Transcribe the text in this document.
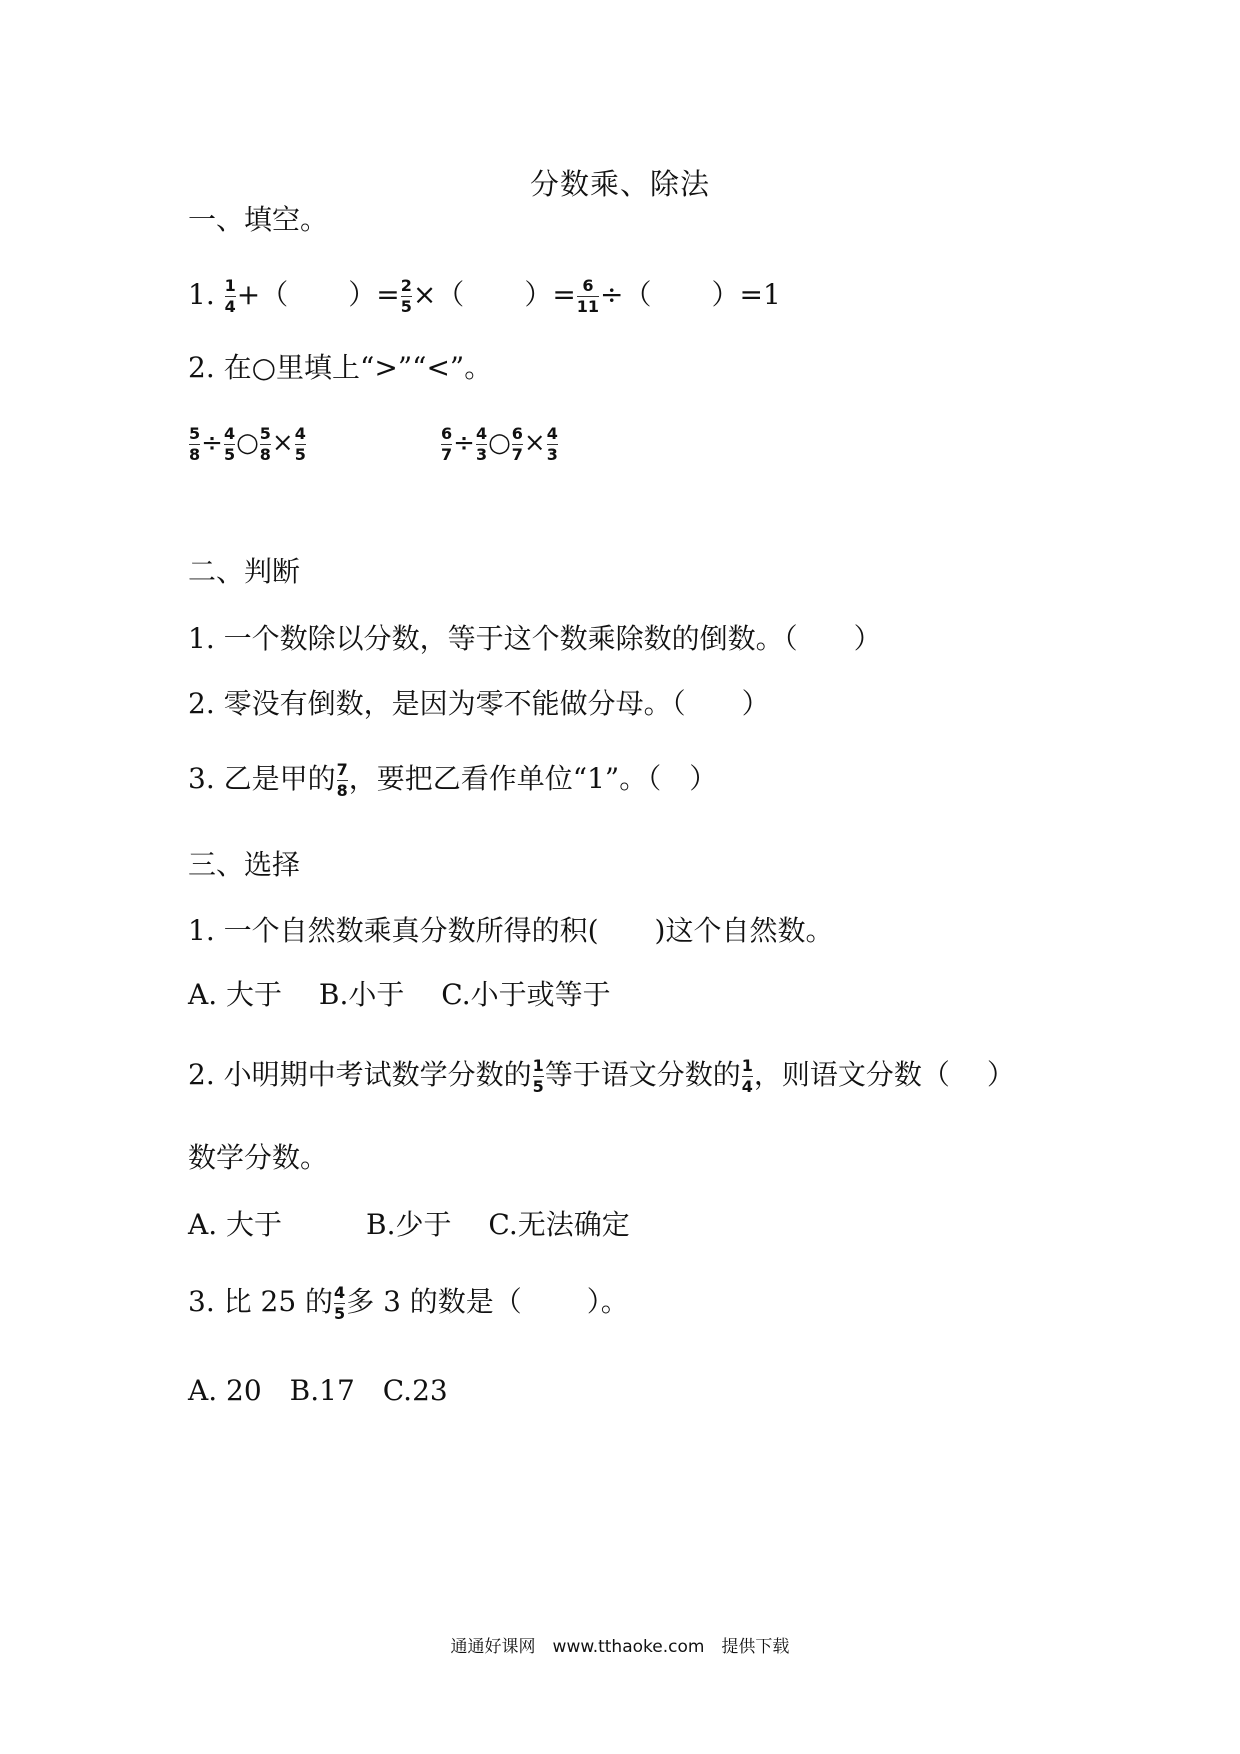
分数乘、除法
一、填空。
1. $\frac{1}{4}$ +（ ）= $\frac{2}{5}$ ×（ ）= $\frac{6}{11}$ ÷（ ）=1
2. 在○里填上“>”“<”。
$\frac{5}{8} \div \frac{4}{5}$ ○ $\frac{5}{8} \times \frac{4}{5}$	$\frac{6}{7} \div \frac{4}{3}$ ○ $\frac{6}{7} \times \frac{4}{3}$
二、判断
1. 一个数除以分数，等于这个数乘除数的倒数。（　　）
2. 零没有倒数，是因为零不能做分母。（　　）
3. 乙是甲的 $\frac{7}{8}$ ，要把乙看作单位“1”。（　）
三、选择
1. 一个自然数乘真分数所得的积(　　)这个自然数。
A. 大于　 B.小于　 C.小于或等于
2. 小明期中考试数学分数的 $\frac{1}{5}$ 等于语文分数的 $\frac{1}{4}$ ，则语文分数（　 ）
数学分数。
A. 大于　　　B.少于　 C.无法确定
3. 比 25 的 $\frac{4}{5}$ 多 3 的数是（　　 ）。
A. 20　B.17　C.23
通通好课网　www.tthaoke.com　提供下载
